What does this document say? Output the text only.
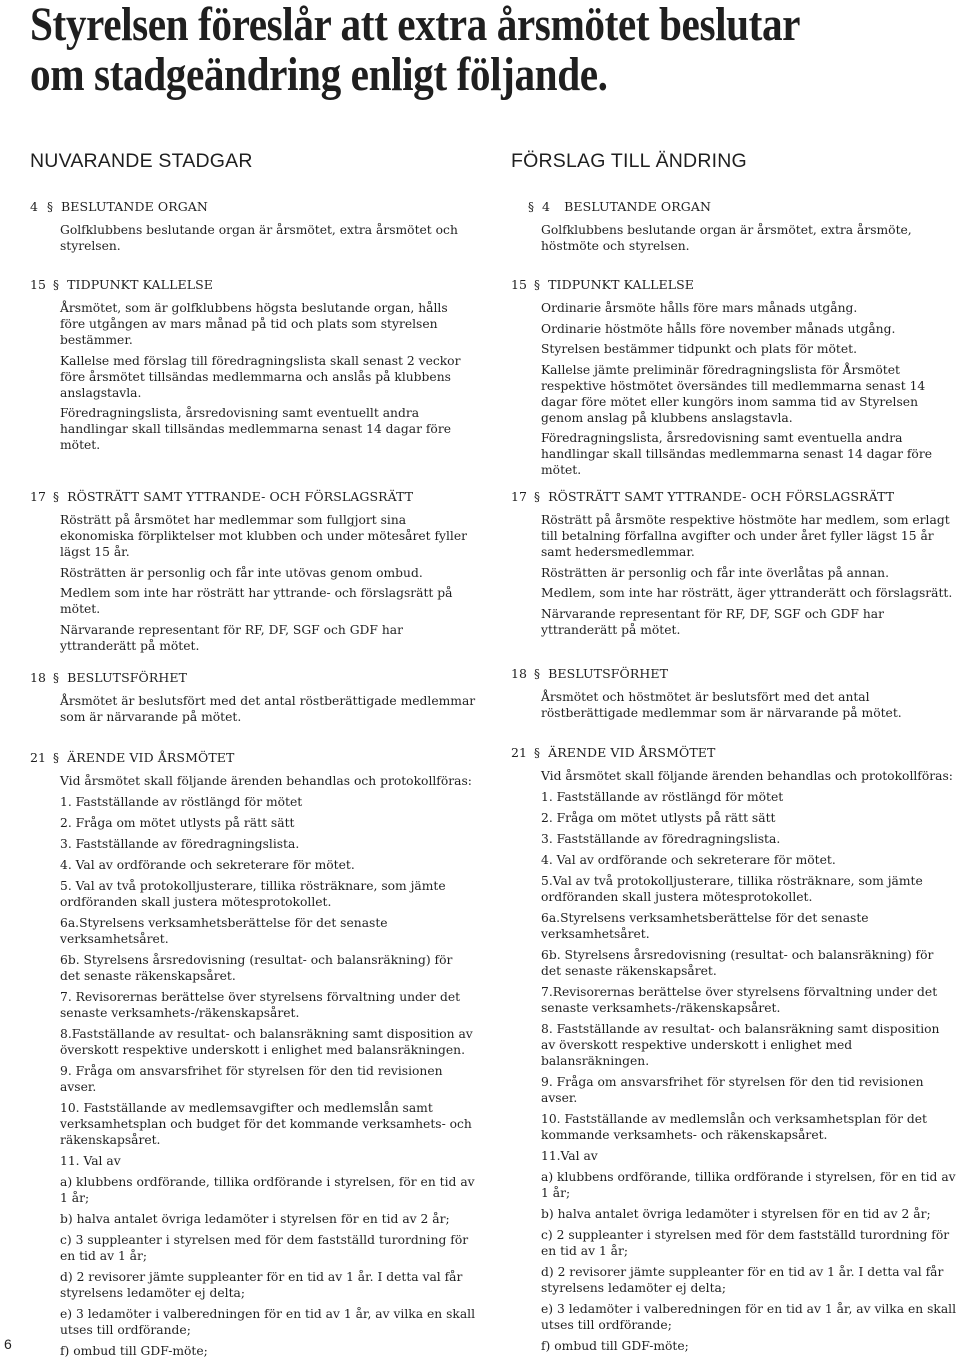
Styrelsen föreslår att extra årsmötet beslutar
om stadgeändring enligt följande.
NUVARANDE STADGAR
4 § BESLUTANDE ORGAN

Golfklubbens beslutande organ är årsmötet, extra årsmötet och styrelsen.

15 § TIDPUNKT KALLELSE

Årsmötet, som är golfklubbens högsta beslutande organ, hålls före utgången av mars månad på tid och plats som styrelsen bestämmer.

Kallelse med förslag till föredragningslista skall senast 2 veckor före årsmötet tillsändas medlemmarna och anslås på klubbens anslagstavla.

Föredragningslista, årsredovisning samt eventuellt andra handlingar skall tillsändas medlemmarna senast 14 dagar före mötet.

17 § RÖSTRÄTT SAMT YTTRANDE- OCH FÖRSLAGSRÄTT

Rösträtt på årsmötet har medlemmar som fullgjort sina ekonomiska förpliktelser mot klubben och under mötesåret fyller lägst 15 år.

Rösträtten är personlig och får inte utövas genom ombud.

Medlem som inte har rösträtt har yttrande- och förslagsrätt på mötet.

Närvarande representant för RF, DF, SGF och GDF har yttranderätt på mötet.

18 § BESLUTSFÖRHET

Årsmötet är beslutsfört med det antal röstberättigade medlemmar som är närvarande på mötet.

21 § ÄRENDE VID ÅRSMÖTET

Vid årsmötet skall följande ärenden behandlas och protokollföras:

1. Fastställande av röstlängd för mötet

2. Fråga om mötet utlysts på rätt sätt

3. Fastställande av föredragningslista.

4. Val av ordförande och sekreterare för mötet.

5. Val av två protokolljusterare, tillika rösträknare, som jämte ordföranden skall justera mötesprotokollet.

6a.Styrelsens verksamhetsberättelse för det senaste verksamhetsåret.

6b. Styrelsens årsredovisning (resultat- och balansräkning) för det senaste räkenskapsåret.

7. Revisorernas berättelse över styrelsens förvaltning under det senaste verksamhets-/räkenskapsåret.

8.Fastställande av resultat- och balansräkning samt disposition av överskott respektive underskott i enlighet med balansräkningen.

9. Fråga om ansvarsfrihet för styrelsen för den tid revisionen avser.

10. Fastställande av medlemsavgifter och medlemslån samt verksamhetsplan och budget för det kommande verksamhets- och räkenskapsåret.

11. Val av

a) klubbens ordförande, tillika ordförande i styrelsen, för en tid av 1 år;

b) halva antalet övriga ledamöter i styrelsen för en tid av 2 år;

c) 3 suppleanter i styrelsen med för dem fastställd turordning för en tid av 1 år;

d) 2 revisorer jämte suppleanter för en tid av 1 år. I detta val får styrelsens ledamöter ej delta;

e) 3 ledamöter i valberedningen för en tid av 1 år, av vilka en skall utses till ordförande;

f) ombud till GDF-möte;

FÖRSLAG TILL ÄNDRING
§ 4 BESLUTANDE ORGAN

Golfklubbens beslutande organ är årsmötet, extra årsmöte, höstmöte och styrelsen.

15 § TIDPUNKT KALLELSE

Ordinarie årsmöte hålls före mars månads utgång.

Ordinarie höstmöte hålls före november månads utgång.

Styrelsen bestämmer tidpunkt och plats för mötet.

Kallelse jämte preliminär föredragningslista för Årsmötet respektive höstmötet översändes till medlemmarna senast 14 dagar före mötet eller kungörs inom samma tid av Styrelsen genom anslag på klubbens anslagstavla.

Föredragningslista, årsredovisning samt eventuella andra handlingar skall tillsändas medlemmarna senast 14 dagar före mötet.

17 § RÖSTRÄTT SAMT YTTRANDE- OCH FÖRSLAGSRÄTT

Rösträtt på årsmöte respektive höstmöte har medlem, som erlagt till betalning förfallna avgifter och under året fyller lägst 15 år samt hedersmedlemmar.

Rösträtten är personlig och får inte överlåtas på annan.

Medlem, som inte har rösträtt, äger yttranderätt och förslagsrätt.

Närvarande representant för RF, DF, SGF och GDF har yttranderätt på mötet.

18 § BESLUTSFÖRHET

Årsmötet och höstmötet är beslutsfört med det antal röstberättigade medlemmar som är närvarande på mötet.

21 § ÄRENDE VID ÅRSMÖTET

Vid årsmötet skall följande ärenden behandlas och protokollföras:

1. Fastställande av röstlängd för mötet

2. Fråga om mötet utlysts på rätt sätt

3. Fastställande av föredragningslista.

4. Val av ordförande och sekreterare för mötet.

5.Val av två protokolljusterare, tillika rösträknare, som jämte ordföranden skall justera mötesprotokollet.

6a.Styrelsens verksamhetsberättelse för det senaste verksamhetsåret.

6b. Styrelsens årsredovisning (resultat- och balansräkning) för det senaste räkenskapsåret.

7.Revisorernas berättelse över styrelsens förvaltning under det senaste verksamhets-/räkenskapsåret.

8. Fastställande av resultat- och balansräkning samt disposition av överskott respektive underskott i enlighet med balansräkningen.

9. Fråga om ansvarsfrihet för styrelsen för den tid revisionen avser.

10. Fastställande av medlemslån och verksamhetsplan för det kommande verksamhets- och räkenskapsåret.

11.Val av

a) klubbens ordförande, tillika ordförande i styrelsen, för en tid av 1 år;

b) halva antalet övriga ledamöter i styrelsen för en tid av 2 år;

c) 2 suppleanter i styrelsen med för dem fastställd turordning för en tid av 1 år;

d) 2 revisorer jämte suppleanter för en tid av 1 år. I detta val får styrelsens ledamöter ej delta;

e) 3 ledamöter i valberedningen för en tid av 1 år, av vilka en skall utses till ordförande;

f) ombud till GDF-möte;

6
